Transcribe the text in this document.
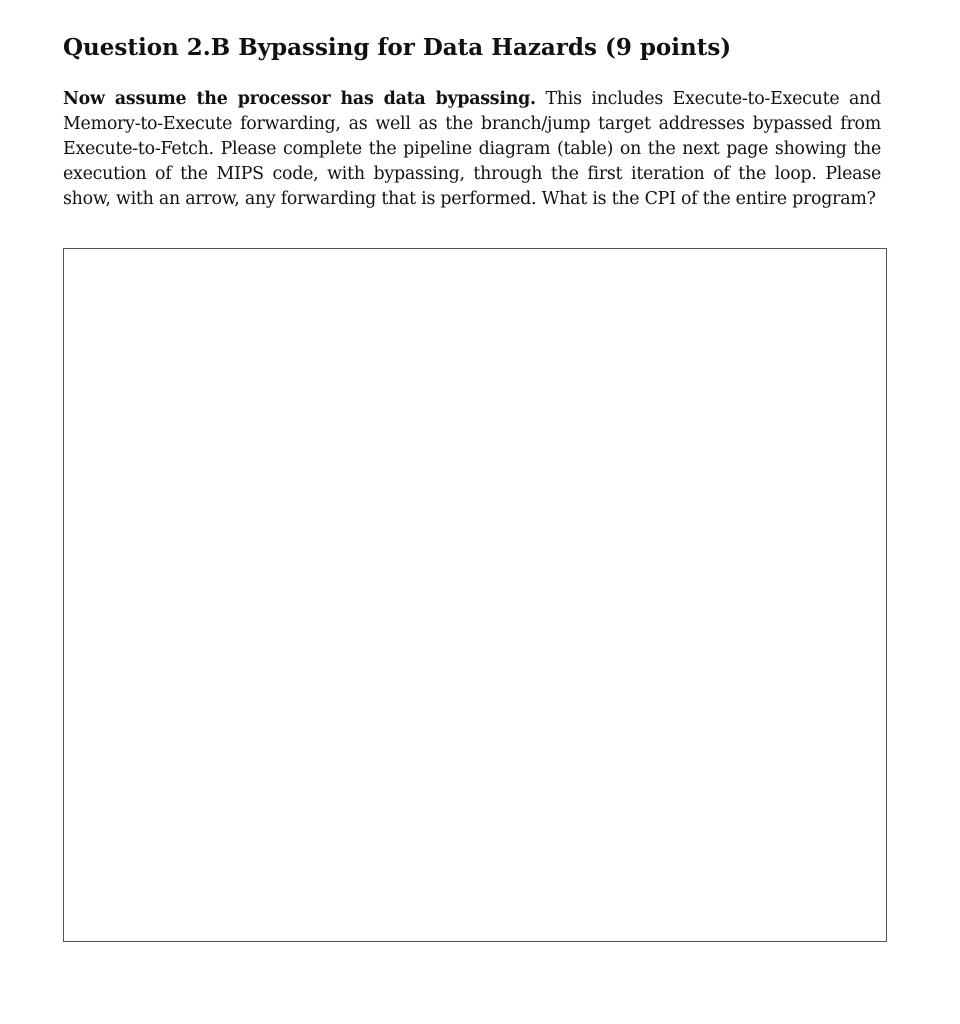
Question 2.B Bypassing for Data Hazards (9 points)

Now assume the processor has data bypassing. This includes Execute-to-Execute and Memory-to-Execute forwarding, as well as the branch/jump target addresses bypassed from Execute-to-Fetch. Please complete the pipeline diagram (table) on the next page showing the execution of the MIPS code, with bypassing, through the first iteration of the loop. Please show, with an arrow, any forwarding that is performed. What is the CPI of the entire program?
